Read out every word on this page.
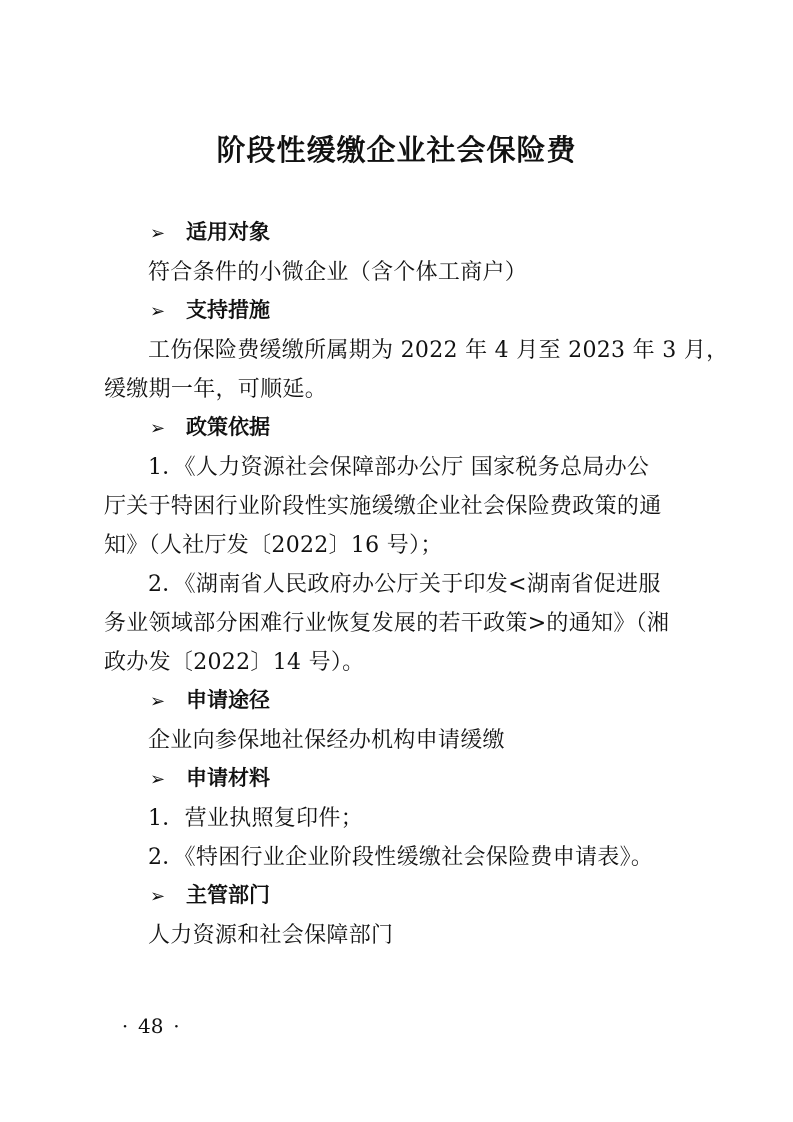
阶段性缓缴企业社会保险费
➢ 适用对象
符合条件的小微企业（含个体工商户）
➢ 支持措施
工伤保险费缓缴所属期为 2022 年 4 月至 2023 年 3 月，
缓缴期一年，可顺延。
➢ 政策依据
1．《人力资源社会保障部办公厅 国家税务总局办公
厅关于特困行业阶段性实施缓缴企业社会保险费政策的通
知》（人社厅发〔2022〕16 号）；
2．《湖南省人民政府办公厅关于印发<湖南省促进服
务业领域部分困难行业恢复发展的若干政策>的通知》（湘
政办发〔2022〕14 号）。
➢ 申请途径
企业向参保地社保经办机构申请缓缴
➢ 申请材料
1．营业执照复印件；
2．《特困行业企业阶段性缓缴社会保险费申请表》。
➢ 主管部门
人力资源和社会保障部门
· 48 ·
